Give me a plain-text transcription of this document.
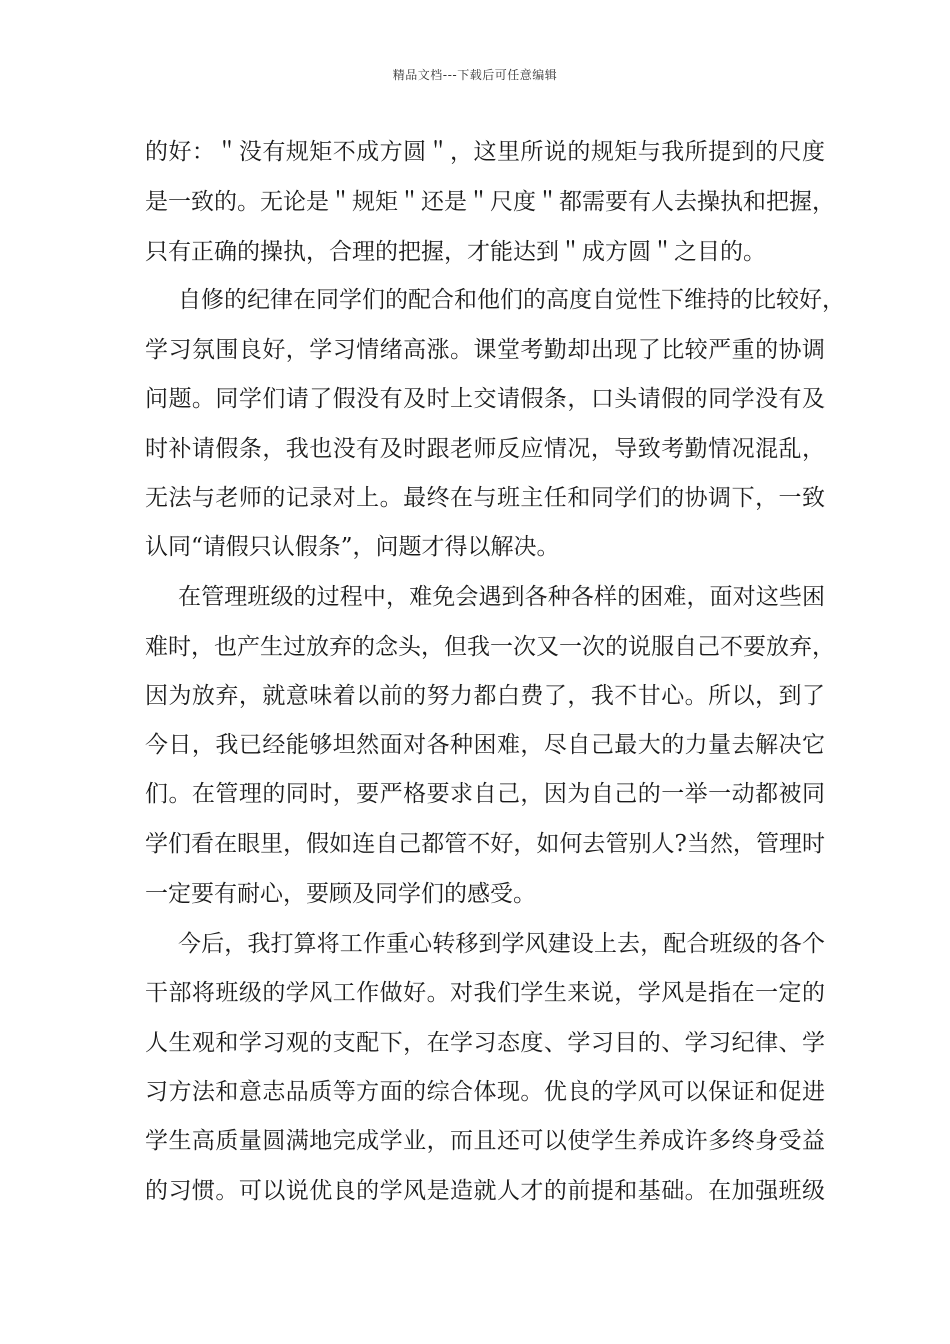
精品文档---下载后可任意编辑
的好：＂没有规矩不成方圆＂，这里所说的规矩与我所提到的尺度
是一致的。无论是＂规矩＂还是＂尺度＂都需要有人去操执和把握，
只有正确的操执，合理的把握，才能达到＂成方圆＂之目的。
自修的纪律在同学们的配合和他们的高度自觉性下维持的比较好，
学习氛围良好，学习情绪高涨。课堂考勤却出现了比较严重的协调
问题。同学们请了假没有及时上交请假条，口头请假的同学没有及
时补请假条，我也没有及时跟老师反应情况，导致考勤情况混乱，
无法与老师的记录对上。最终在与班主任和同学们的协调下，一致
认同“请假只认假条”，问题才得以解决。
在管理班级的过程中，难免会遇到各种各样的困难，面对这些困
难时，也产生过放弃的念头，但我一次又一次的说服自己不要放弃，
因为放弃，就意味着以前的努力都白费了，我不甘心。所以，到了
今日，我已经能够坦然面对各种困难，尽自己最大的力量去解决它
们。在管理的同时，要严格要求自己，因为自己的一举一动都被同
学们看在眼里，假如连自己都管不好，如何去管别人?当然，管理时
一定要有耐心，要顾及同学们的感受。
今后，我打算将工作重心转移到学风建设上去，配合班级的各个
干部将班级的学风工作做好。对我们学生来说，学风是指在一定的
人生观和学习观的支配下，在学习态度、学习目的、学习纪律、学
习方法和意志品质等方面的综合体现。优良的学风可以保证和促进
学生高质量圆满地完成学业，而且还可以使学生养成许多终身受益
的习惯。可以说优良的学风是造就人才的前提和基础。在加强班级
